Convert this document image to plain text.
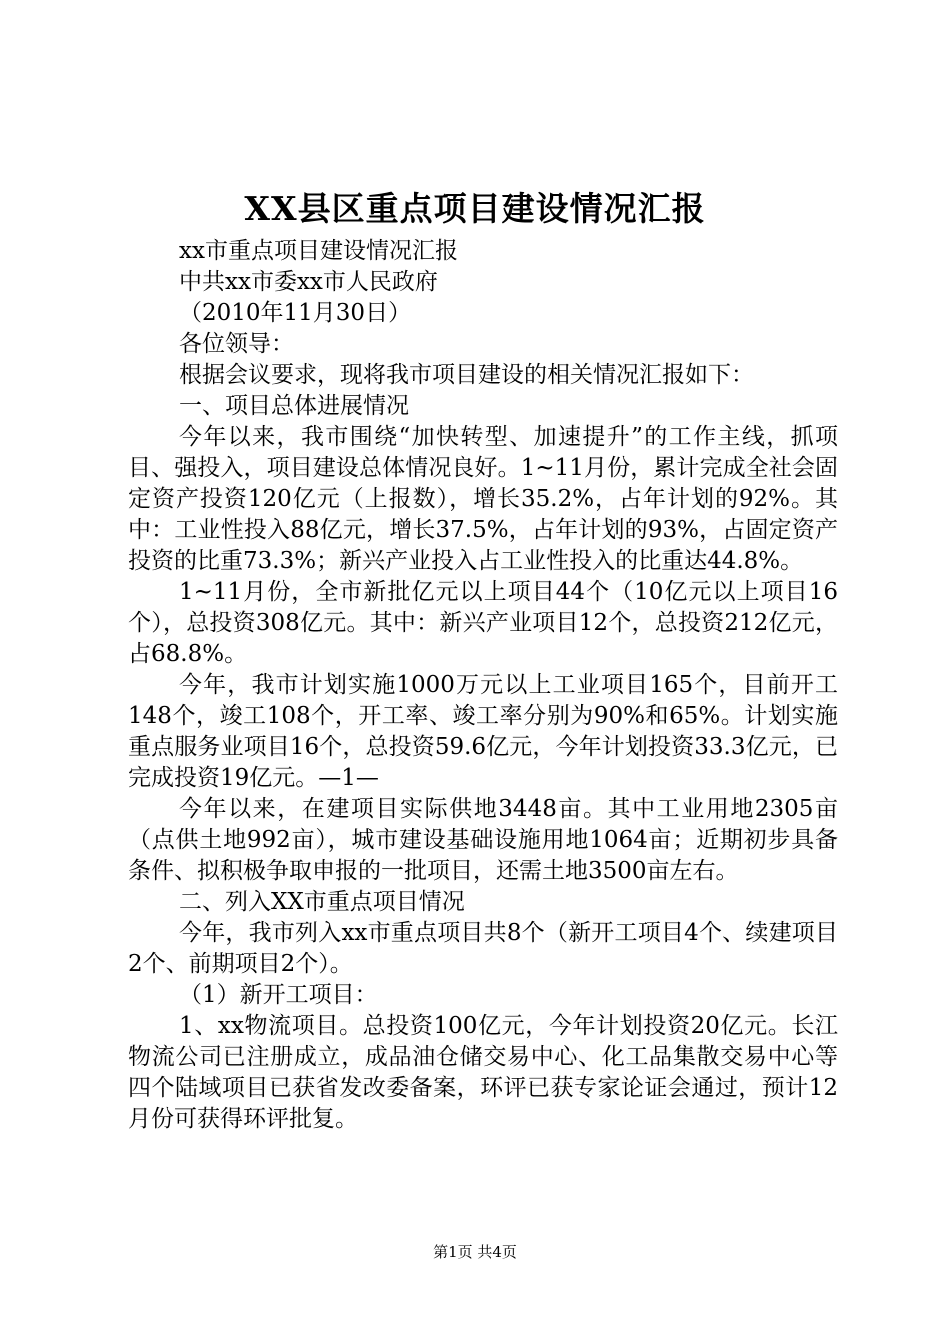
XX县区重点项目建设情况汇报

xx市重点项目建设情况汇报

中共xx市委xx市人民政府

（2010年11月30日）

各位领导：

根据会议要求，现将我市项目建设的相关情况汇报如下：

一、项目总体进展情况

今年以来，我市围绕“加快转型、加速提升”的工作主线，抓项目、强投入，项目建设总体情况良好。1~11月份，累计完成全社会固定资产投资120亿元（上报数），增长35.2%，占年计划的92%。其中：工业性投入88亿元，增长37.5%，占年计划的93%，占固定资产投资的比重73.3%；新兴产业投入占工业性投入的比重达44.8%。

1~11月份，全市新批亿元以上项目44个（10亿元以上项目16个），总投资308亿元。其中：新兴产业项目12个，总投资212亿元，占68.8%。

今年，我市计划实施1000万元以上工业项目165个，目前开工148个，竣工108个，开工率、竣工率分别为90%和65%。计划实施重点服务业项目16个，总投资59.6亿元，今年计划投资33.3亿元，已完成投资19亿元。—1—

今年以来，在建项目实际供地3448亩。其中工业用地2305亩（点供土地992亩），城市建设基础设施用地1064亩；近期初步具备条件、拟积极争取申报的一批项目，还需土地3500亩左右。

二、列入XX市重点项目情况

今年，我市列入xx市重点项目共8个（新开工项目4个、续建项目2个、前期项目2个）。

（1）新开工项目：

1、xx物流项目。总投资100亿元，今年计划投资20亿元。长江物流公司已注册成立，成品油仓储交易中心、化工品集散交易中心等四个陆域项目已获省发改委备案，环评已获专家论证会通过，预计12月份可获得环评批复。

第1页 共4页
